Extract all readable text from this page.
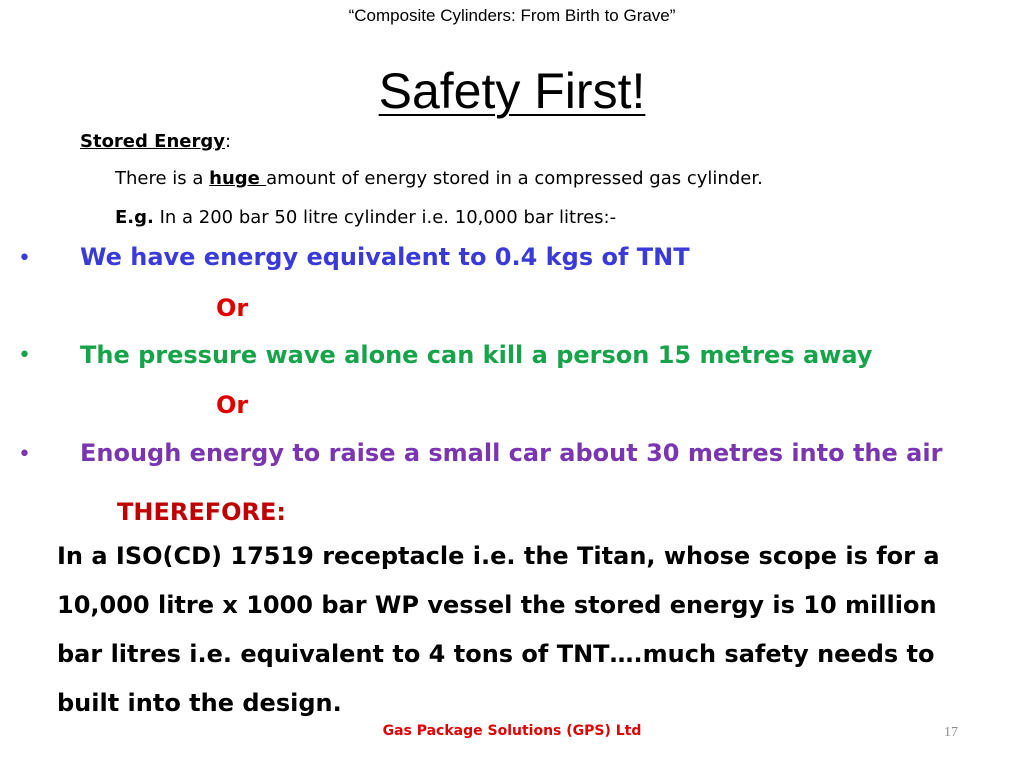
“Composite Cylinders: From Birth to Grave”
Safety First!
Stored Energy:
There is a huge amount of energy stored in a compressed gas cylinder.
E.g. In a 200 bar 50 litre cylinder i.e. 10,000 bar litres:-
• We have energy equivalent to 0.4 kgs of TNT
Or
• The pressure wave alone can kill a person 15 metres away
Or
• Enough energy to raise a small car about 30 metres into the air
THEREFORE:
In a ISO(CD) 17519 receptacle i.e. the Titan, whose scope is for a 10,000 litre x 1000 bar WP vessel the stored energy is 10 million bar litres i.e. equivalent to 4 tons of TNT….much safety needs to built into the design.
Gas Package Solutions (GPS) Ltd	17
